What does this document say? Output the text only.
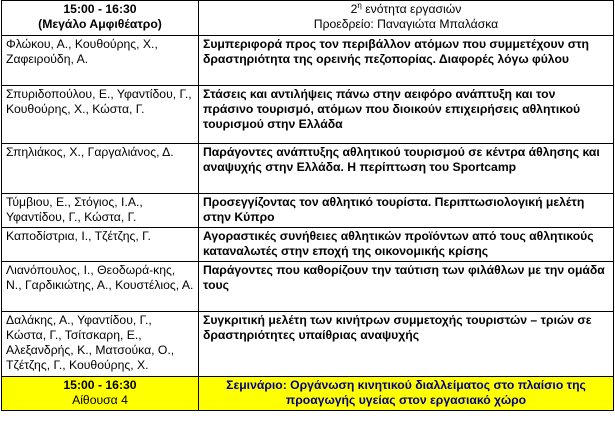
15:00 - 16:30
(Μεγάλο Αμφιθέατρο)	$2^\eta$ ενότητα εργασιών
Προεδρείο: Παναγιώτα Μπαλάσκα

Φλώκου, Α., Κουθούρης, Χ., Ζαφειρούδη, Α.	Συμπεριφορά προς τον περιβάλλον ατόμων που συμμετέχουν στη δραστηριότητα της ορεινής πεζοπορίας. Διαφορές λόγω φύλου
Σπυριδοπούλου, Ε., Υφαντίδου, Γ., Κουθούρης, Χ., Κώστα, Γ.	Στάσεις και αντιλήψεις πάνω στην αειφόρο ανάπτυξη και τον πράσινο τουρισμό, ατόμων που διοικούν επιχειρήσεις αθλητικού τουρισμού στην Ελλάδα
Σπηλιάκος, Χ., Γαργαλιάνος, Δ.	Παράγοντες ανάπτυξης αθλητικού τουρισμού σε κέντρα άθλησης και αναψυχής στην Ελλάδα. Η περίπτωση του Sportcamp
Τύμβιου, Ε., Στόγιος, Ι.Α., Υφαντίδου, Γ., Κώστα, Γ.	Προσεγγίζοντας τον αθλητικό τουρίστα. Περιπτωσιολογική μελέτη στην Κύπρο
Καποδίστρια, Ι., Τζέτζης, Γ.	Αγοραστικές συνήθειες αθλητικών προϊόντων από τους αθλητικούς καταναλωτές στην εποχή της οικονομικής κρίσης
Λιανόπουλος, Ι., Θεοδωρά-κης, Ν., Γαρδικιώτης, Α., Κουστέλιος, Α.	Παράγοντες που καθορίζουν την ταύτιση των φιλάθλων με την ομάδα τους
Δαλάκης, Α., Υφαντίδου, Γ., Κώστα, Γ., Τσίτσκαρη, Ε., Αλεξανδρής, Κ., Ματσούκα, Ο., Τζέτζης, Γ., Κουθούρης, Χ.	Συγκριτική μελέτη των κινήτρων συμμετοχής τουριστών – τριών σε δραστηριότητες υπαίθριας αναψυχής

15:00 - 16:30
Αίθουσα 4	Σεμινάριο: Οργάνωση κινητικού διαλλείματος στο πλαίσιο της προαγωγής υγείας στον εργασιακό χώρο
